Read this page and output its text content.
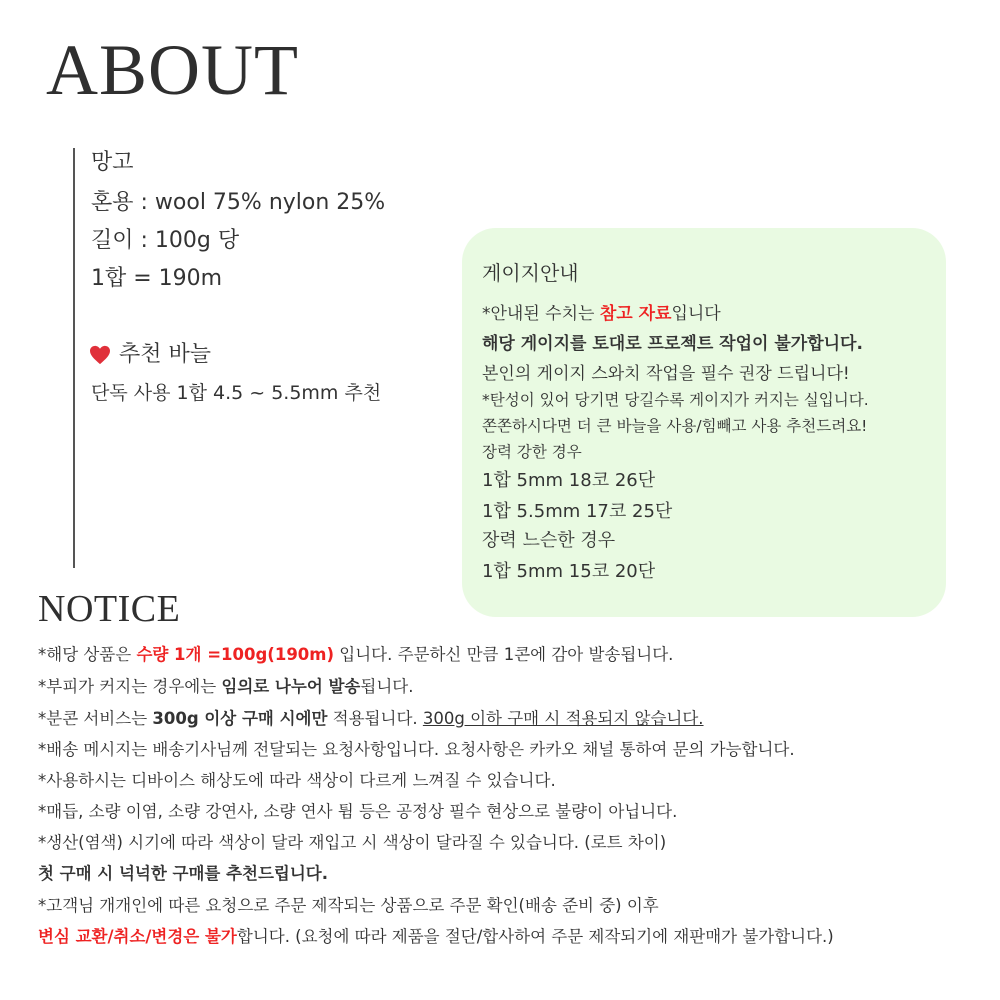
ABOUT
망고
혼용 : wool 75% nylon 25%
길이 : 100g 당
1합 = 190m
추천 바늘
단독 사용 1합 4.5 ~ 5.5mm 추천
게이지안내
*안내된 수치는 참고 자료입니다
해당 게이지를 토대로 프로젝트 작업이 불가합니다.
본인의 게이지 스와치 작업을 필수 권장 드립니다!
*탄성이 있어 당기면 당길수록 게이지가 커지는 실입니다.
쫀쫀하시다면 더 큰 바늘을 사용/힘빼고 사용 추천드려요!
장력 강한 경우
1합 5mm 18코 26단
1합 5.5mm 17코 25단
장력 느슨한 경우
1합 5mm 15코 20단
NOTICE
*해당 상품은 수량 1개 =100g(190m) 입니다. 주문하신 만큼 1콘에 감아 발송됩니다.
*부피가 커지는 경우에는 임의로 나누어 발송됩니다.
*분콘 서비스는 300g 이상 구매 시에만 적용됩니다. 300g 이하 구매 시 적용되지 않습니다.
*배송 메시지는 배송기사님께 전달되는 요청사항입니다. 요청사항은 카카오 채널 통하여 문의 가능합니다.
*사용하시는 디바이스 해상도에 따라 색상이 다르게 느껴질 수 있습니다.
*매듭, 소량 이염, 소량 강연사, 소량 연사 튐 등은 공정상 필수 현상으로 불량이 아닙니다.
*생산(염색) 시기에 따라 색상이 달라 재입고 시 색상이 달라질 수 있습니다. (로트 차이)
첫 구매 시 넉넉한 구매를 추천드립니다.
*고객님 개개인에 따른 요청으로 주문 제작되는 상품으로 주문 확인(배송 준비 중) 이후
변심 교환/취소/변경은 불가합니다. (요청에 따라 제품을 절단/합사하여 주문 제작되기에 재판매가 불가합니다.)
